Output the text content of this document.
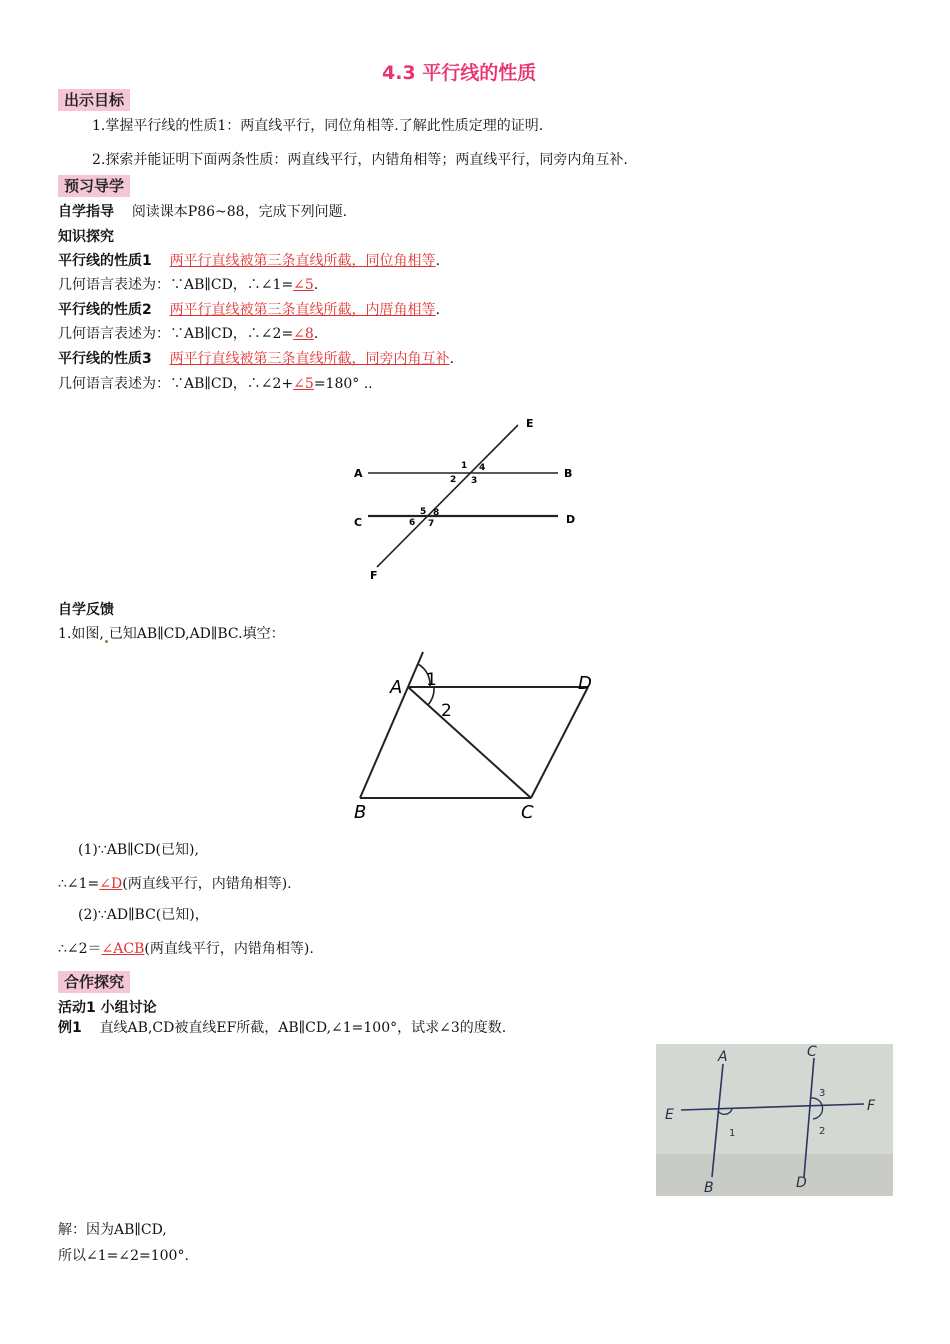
4.3 平行线的性质
出示目标
1.掌握平行线的性质1：两直线平行，同位角相等.了解此性质定理的证明.
2.探索并能证明下面两条性质：两直线平行，内错角相等；两直线平行，同旁内角互补.
预习导学
自学指导 阅读课本P86~88，完成下列问题.
知识探究
平行线的性质1 两平行直线被第三条直线所截，同位角相等.
几何语言表述为：∵AB∥CD，∴∠1=∠5.
平行线的性质2 两平行直线被第三条直线所截，内厝角相等.
几何语言表述为：∵AB∥CD，∴∠2=∠8.
平行线的性质3 两平行直线被第三条直线所截，同旁内角互补.
几何语言表述为：∵AB∥CD，∴∠2+∠5=180° ..
A	B
C	D
E
F
1 4
2 3
5 8
6 7
自学反馈
1.如图, 已知AB∥CD,AD∥BC.填空：
A	D
B	C
1
2
(1)∵AB∥CD(已知),
∴∠1=∠D(两直线平行，内错角相等).
(2)∵AD∥BC(已知)，
∴∠2＝∠ACB(两直线平行，内错角相等).
合作探究
活动1 小组讨论
例1 直线AB,CD被直线EF所截，AB∥CD,∠1=100°，试求∠3的度数.
A
B
C
D
E
F
1	2
3
解：因为AB∥CD,
所以∠1=∠2=100°.
